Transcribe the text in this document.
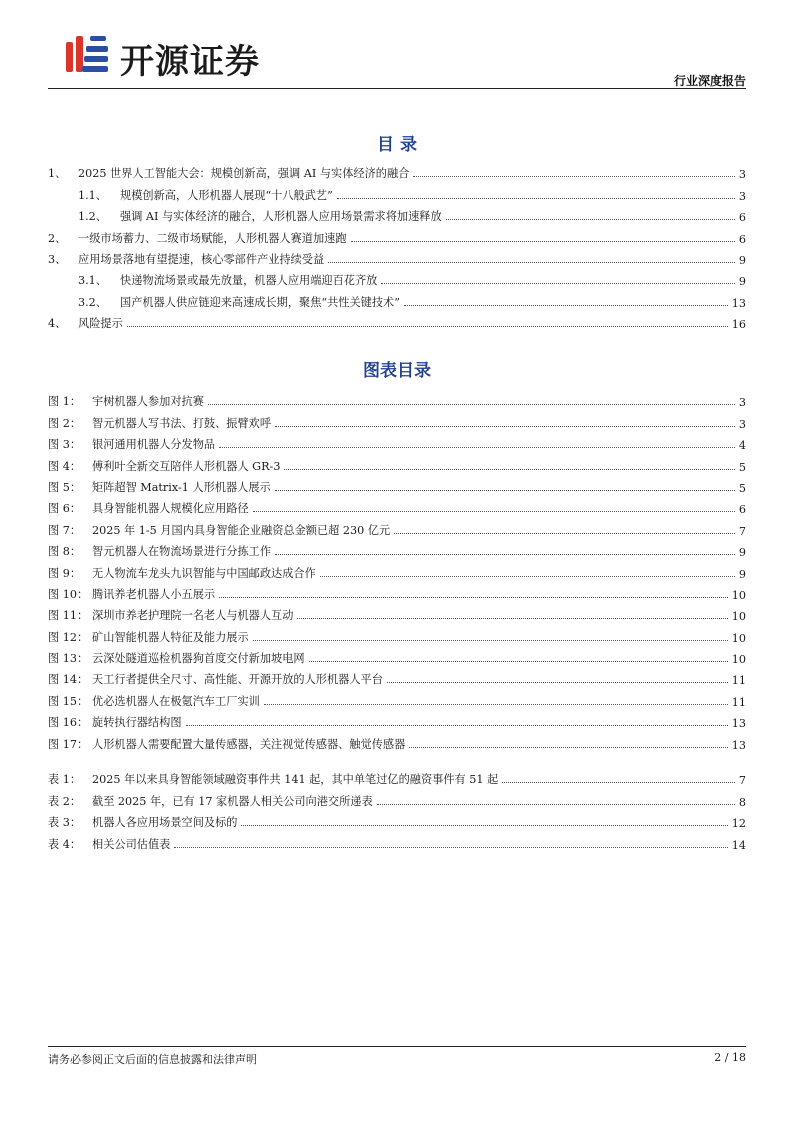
开源证券	行业深度报告
目 录
1、	2025 世界人工智能大会：规模创新高，强调 AI 与实体经济的融合	3
1.1、	规模创新高，人形机器人展现“十八般武艺”	3
1.2、	强调 AI 与实体经济的融合，人形机器人应用场景需求将加速释放	6
2、	一级市场蓄力、二级市场赋能，人形机器人赛道加速跑	6
3、	应用场景落地有望提速，核心零部件产业持续受益	9
3.1、	快递物流场景或最先放量，机器人应用端迎百花齐放	9
3.2、	国产机器人供应链迎来高速成长期，聚焦“共性关键技术”	13
4、	风险提示	16
图表目录
图 1： 宇树机器人参加对抗赛	3
图 2： 智元机器人写书法、打鼓、振臂欢呼	3
图 3： 银河通用机器人分发物品	4
图 4： 傅利叶全新交互陪伴人形机器人 GR-3	5
图 5： 矩阵超智 Matrix-1 人形机器人展示	5
图 6： 具身智能机器人规模化应用路径	6
图 7： 2025 年 1-5 月国内具身智能企业融资总金额已超 230 亿元	7
图 8： 智元机器人在物流场景进行分拣工作	9
图 9： 无人物流车龙头九识智能与中国邮政达成合作	9
图 10： 腾讯养老机器人小五展示	10
图 11： 深圳市养老护理院一名老人与机器人互动	10
图 12： 矿山智能机器人特征及能力展示	10
图 13： 云深处隧道巡检机器狗首度交付新加坡电网	10
图 14： 天工行者提供全尺寸、高性能、开源开放的人形机器人平台	11
图 15： 优必选机器人在极氪汽车工厂实训	11
图 16： 旋转执行器结构图	13
图 17： 人形机器人需要配置大量传感器，关注视觉传感器、触觉传感器	13
表 1： 2025 年以来具身智能领域融资事件共 141 起，其中单笔过亿的融资事件有 51 起	7
表 2： 截至 2025 年，已有 17 家机器人相关公司向港交所递表	8
表 3： 机器人各应用场景空间及标的	12
表 4： 相关公司估值表	14
请务必参阅正文后面的信息披露和法律声明	2 / 18
